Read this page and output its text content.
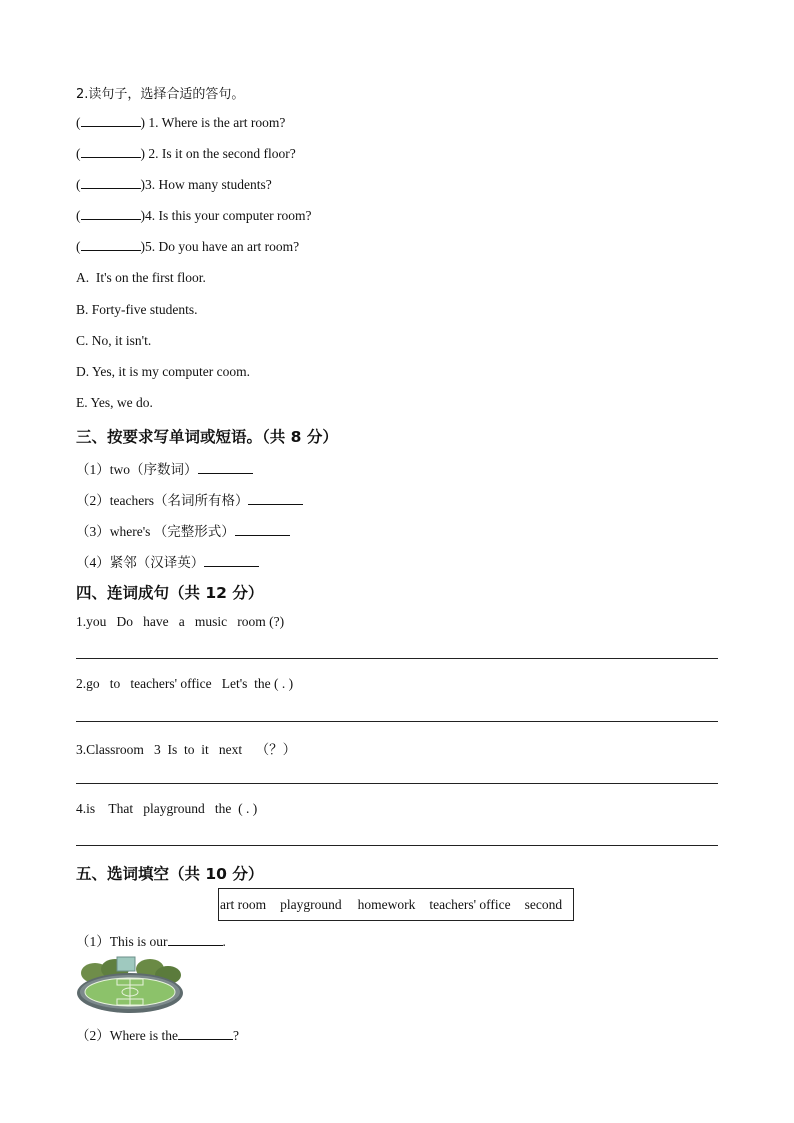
2.读句子，选择合适的答句。
(	) 1. Where is the art room?
(	) 2. Is it on the second floor?
(	)3. How many students?
(	)4. Is this your computer room?
(	)5. Do you have an art room?
A.  It's on the first floor.
B. Forty-five students.
C. No, it isn't.
D. Yes, it is my computer coom.
E. Yes, we do.
三、按要求写单词或短语。（共 8 分）
（1）two（序数词）
（2）teachers（名词所有格）
（3）where's （完整形式）
（4）紧邻（汉译英）
四、连词成句（共 12 分）
1.you   Do   have   a   music   room (?)
2.go   to   teachers' office   Let's  the ( . )
3.Classroom   3  Is  to  it   next    （？）
4.is    That   playground   the  ( . )
五、选词填空（共 10 分）
art room playground homework teachers' office second
（1）This is our	.
（2）Where is the	?
